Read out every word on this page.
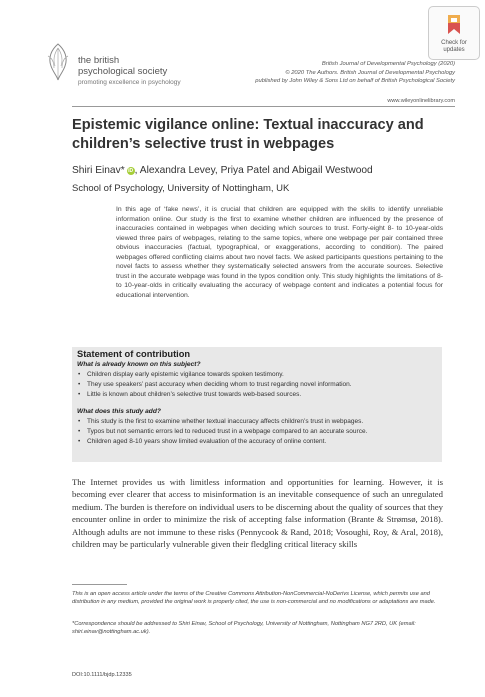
the british
psychological society
promoting excellence in psychology
Check for
updates
British Journal of Developmental Psychology (2020)
© 2020 The Authors. British Journal of Developmental Psychology
published by John Wiley & Sons Ltd on behalf of British Psychological Society
www.wileyonlinelibrary.com
Epistemic vigilance online: Textual inaccuracy and children’s selective trust in webpages
Shiri Einav* iD , Alexandra Levey, Priya Patel and Abigail Westwood
School of Psychology, University of Nottingham, UK
In this age of ‘fake news’, it is crucial that children are equipped with the skills to identify unreliable information online. Our study is the first to examine whether children are influenced by the presence of inaccuracies contained in webpages when deciding which sources to trust. Forty-eight 8- to 10-year-olds viewed three pairs of webpages, relating to the same topics, where one webpage per pair contained three obvious inaccuracies (factual, typographical, or exaggerations, according to condition). The paired webpages offered conflicting claims about two novel facts. We asked participants questions pertaining to the novel facts to assess whether they systematically selected answers from the accurate sources. Selective trust in the accurate webpage was found in the typos condition only. This study highlights the limitations of 8- to 10-year-olds in critically evaluating the accuracy of webpage content and indicates a potential focus for educational intervention.
Statement of contribution
What is already known on this subject?
• Children display early epistemic vigilance towards spoken testimony.
• They use speakers’ past accuracy when deciding whom to trust regarding novel information.
• Little is known about children’s selective trust towards web-based sources.
What does this study add?
• This study is the first to examine whether textual inaccuracy affects children’s trust in webpages.
• Typos but not semantic errors led to reduced trust in a webpage compared to an accurate source.
• Children aged 8-10 years show limited evaluation of the accuracy of online content.
The Internet provides us with limitless information and opportunities for learning. However, it is becoming ever clearer that access to misinformation is an inevitable consequence of such an unregulated medium. The burden is therefore on individual users to be discerning about the quality of sources that they encounter online in order to minimize the risk of accepting false information (Brante & Strømsø, 2018). Although adults are not immune to these risks (Pennycook & Rand, 2018; Vosoughi, Roy, & Aral, 2018), children may be particularly vulnerable given their fledgling critical literacy skills
This is an open access article under the terms of the Creative Commons Attribution-NonCommercial-NoDerivs License, which permits use and distribution in any medium, provided the original work is properly cited, the use is non-commercial and no modifications or adaptations are made.
*Correspondence should be addressed to Shiri Einav, School of Psychology, University of Nottingham, Nottingham NG7 2RD, UK (email: shiri.einav@nottingham.ac.uk).
DOI:10.1111/bjdp.12335
